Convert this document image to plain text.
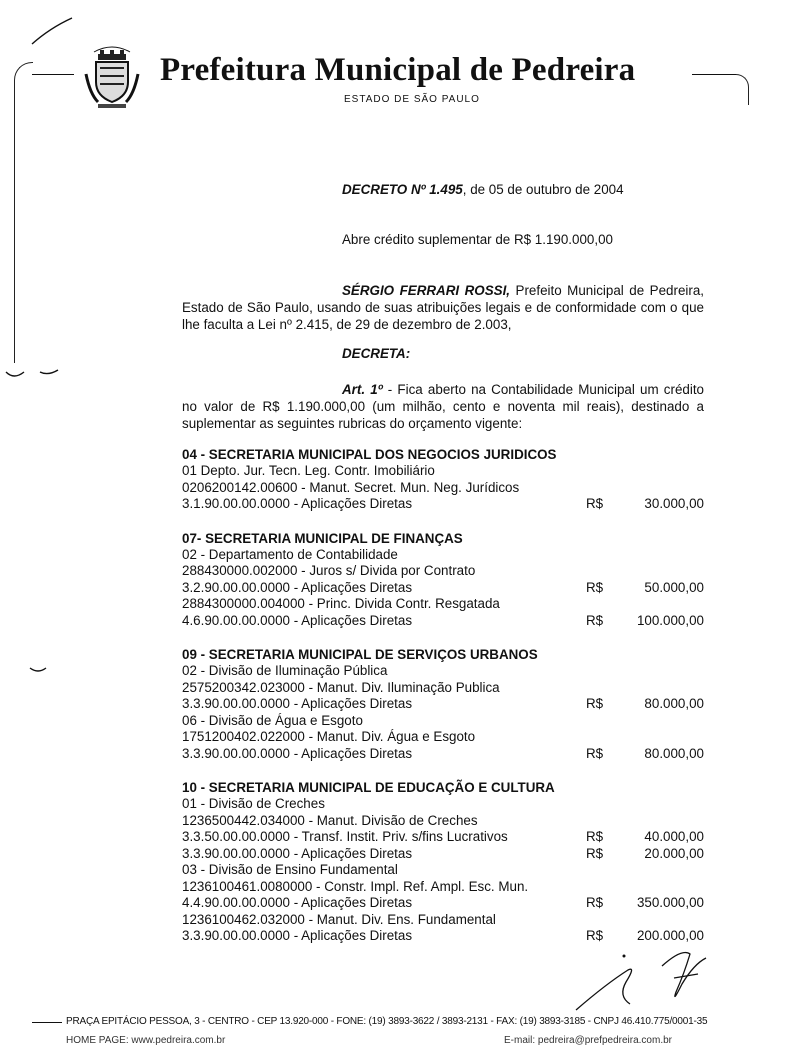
Prefeitura Municipal de Pedreira
ESTADO DE SÃO PAULO
DECRETO Nº 1.495, de 05 de outubro de 2004
Abre crédito suplementar de R$ 1.190.000,00
SÉRGIO FERRARI ROSSI, Prefeito Municipal de Pedreira, Estado de São Paulo, usando de suas atribuições legais e de conformidade com o que lhe faculta a Lei nº 2.415, de 29 de dezembro de 2.003,
DECRETA:
Art. 1º - Fica aberto na Contabilidade Municipal um crédito no valor de R$ 1.190.000,00 (um milhão, cento e noventa mil reais), destinado a suplementar as seguintes rubricas do orçamento vigente:
04 - SECRETARIA MUNICIPAL DOS NEGOCIOS JURIDICOS
01 Depto. Jur. Tecn. Leg. Contr. Imobiliário
0206200142.00600 - Manut. Secret. Mun. Neg. Jurídicos
3.1.90.00.00.0000 - Aplicações Diretas	R$	30.000,00
07- SECRETARIA MUNICIPAL DE FINANÇAS
02 - Departamento de Contabilidade
288430000.002000 - Juros s/ Divida por Contrato
3.2.90.00.00.0000 - Aplicações Diretas	R$	50.000,00
2884300000.004000 - Princ. Divida Contr. Resgatada
4.6.90.00.00.0000 - Aplicações Diretas	R$	100.000,00
09 - SECRETARIA MUNICIPAL DE SERVIÇOS URBANOS
02 - Divisão de Iluminação Pública
2575200342.023000 - Manut. Div. Iluminação Publica
3.3.90.00.00.0000 - Aplicações Diretas	R$	80.000,00
06 - Divisão de Água e Esgoto
1751200402.022000 - Manut. Div. Água e Esgoto
3.3.90.00.00.0000 - Aplicações Diretas	R$	80.000,00
10 - SECRETARIA MUNICIPAL DE EDUCAÇÃO E CULTURA
01 - Divisão de Creches
1236500442.034000 - Manut. Divisão de Creches
3.3.50.00.00.0000 - Transf. Instit. Priv. s/fins Lucrativos	R$	40.000,00
3.3.90.00.00.0000 - Aplicações Diretas	R$	20.000,00
03 - Divisão de Ensino Fundamental
1236100461.0080000 - Constr. Impl. Ref. Ampl. Esc. Mun.
4.4.90.00.00.0000 - Aplicações Diretas	R$	350.000,00
1236100462.032000 - Manut. Div. Ens. Fundamental
3.3.90.00.00.0000 - Aplicações Diretas	R$	200.000,00
PRAÇA EPITÁCIO PESSOA, 3 - CENTRO - CEP 13.920-000 - FONE: (19) 3893-3622 / 3893-2131 - FAX: (19) 3893-3185 - CNPJ 46.410.775/0001-35
HOME PAGE: www.pedreira.com.br	E-mail: pedreira@prefpedreira.com.br
